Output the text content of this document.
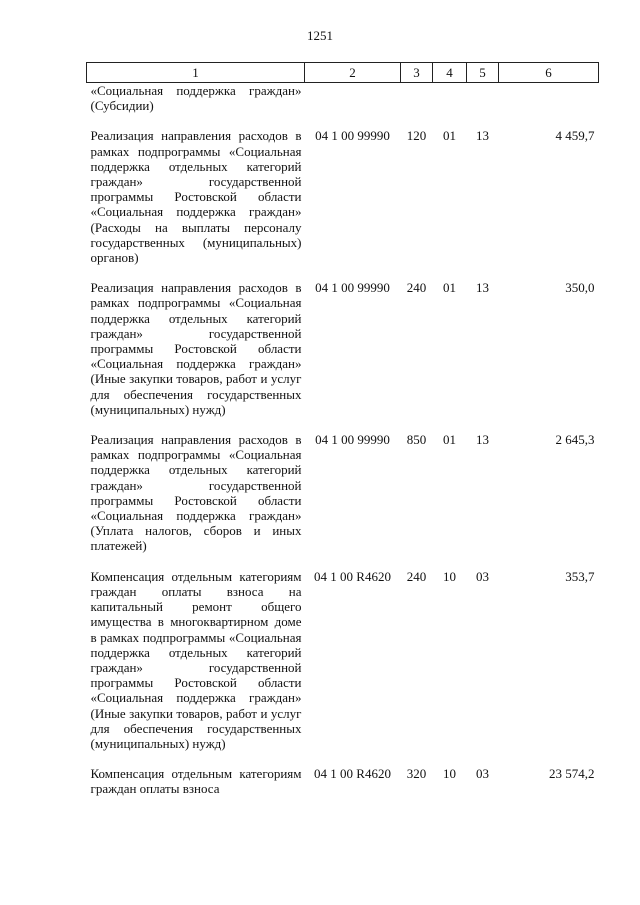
1251
1	2	3	4	5	6
«Социальная поддержка граждан» (Субсидии)					
Реализация направления расходов в рамках подпрограммы «Социальная поддержка отдельных категорий граждан» государственной программы Ростовской области «Социальная поддержка граждан» (Расходы на выплаты персоналу государственных (муниципальных) органов)	04 1 00 99990	120	01	13	4 459,7
Реализация направления расходов в рамках подпрограммы «Социальная поддержка отдельных категорий граждан» государственной программы Ростовской области «Социальная поддержка граждан» (Иные закупки товаров, работ и услуг для обеспечения государственных (муниципальных) нужд)	04 1 00 99990	240	01	13	350,0
Реализация направления расходов в рамках подпрограммы «Социальная поддержка отдельных категорий граждан» государственной программы Ростовской области «Социальная поддержка граждан» (Уплата налогов, сборов и иных платежей)	04 1 00 99990	850	01	13	2 645,3
Компенсация отдельным категориям граждан оплаты взноса на капитальный ремонт общего имущества в многоквартирном доме в рамках подпрограммы «Социальная поддержка отдельных категорий граждан» государственной программы Ростовской области «Социальная поддержка граждан» (Иные закупки товаров, работ и услуг для обеспечения государственных (муниципальных) нужд)	04 1 00 R4620	240	10	03	353,7
Компенсация отдельным категориям граждан оплаты взноса	04 1 00 R4620	320	10	03	23 574,2
